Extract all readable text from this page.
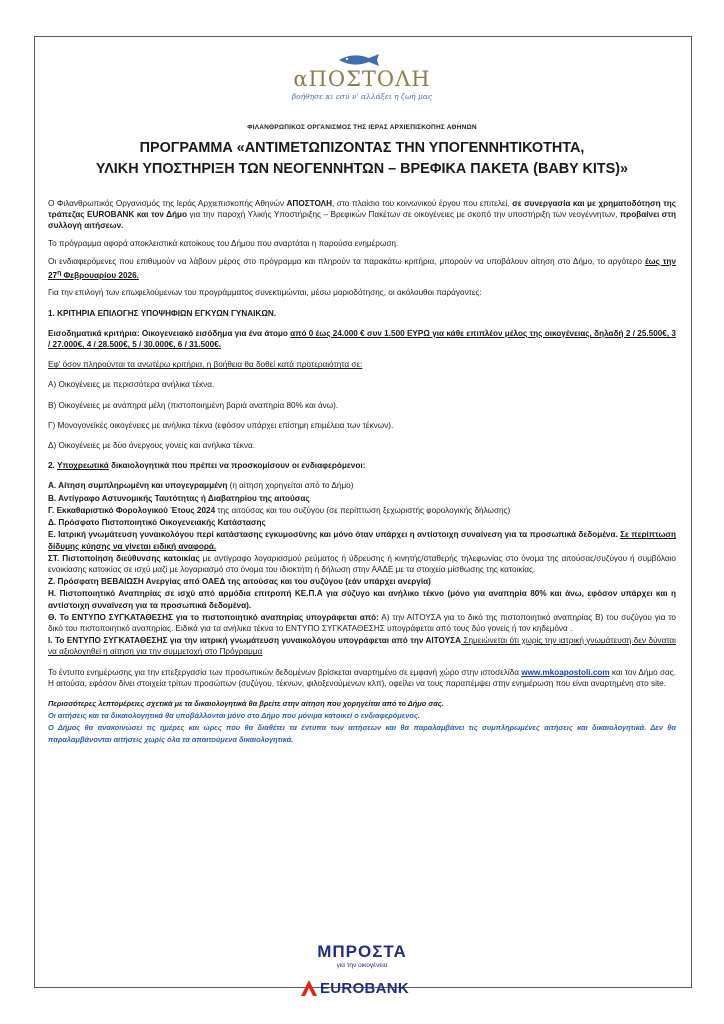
αΠΟΣΤΟΛΗ
βοήθησε κι εσύ ν' αλλάξει η ζωή μας
ΦΙΛΑΝΘΡΩΠΙΚΟΣ ΟΡΓΑΝΙΣΜΟΣ ΤΗΣ ΙΕΡΑΣ ΑΡΧΙΕΠΙΣΚΟΠΗΣ ΑΘΗΝΩΝ
ΠΡΟΓΡΑΜΜΑ «ΑΝΤΙΜΕΤΩΠΙΖΟΝΤΑΣ ΤΗΝ ΥΠΟΓΕΝΝΗΤΙΚΟΤΗΤΑ,
ΥΛΙΚΗ ΥΠΟΣΤΗΡΙΞΗ ΤΩΝ ΝΕΟΓΕΝΝΗΤΩΝ – ΒΡΕΦΙΚΑ ΠΑΚΕΤΑ (BABY KITS)»

Ο Φιλανθρωπικός Οργανισμός της Ιεράς Αρχιεπισκοπής Αθηνών ΑΠΟΣΤΟΛΗ, στο πλαίσιο του κοινωνικού έργου που επιτελεί, σε συνεργασία και με χρηματοδότηση της τράπεζας EUROBANK και τον Δήμο για την παροχή Υλικής Υποστήριξης – Βρεφικών Πακέτων σε οικογένειες με σκοπό την υποστήριξη των νεογέννητων, προβαίνει στη συλλογή αιτήσεων.

Το πρόγραμμα αφορά αποκλειστικά κατοίκους του Δήμου που αναρτάται η παρούσα ενημέρωση.

Οι ενδιαφερόμενες που επιθυμούν να λάβουν μέρος στο πρόγραμμα και πληρούν τα παρακάτω κριτήρια, μπορούν να υποβάλουν αίτηση στο Δήμο, το αργότερο έως την $27^\eta$ Φεβρουαρίου 2026.

Για την επιλογή των επωφελούμενων του προγράμματος συνεκτιμώνται, μέσω μοριοδότησης, οι ακόλουθοι παράγοντες:

1. ΚΡΙΤΗΡΙΑ ΕΠΙΛΟΓΗΣ ΥΠΟΨΗΦΙΩΝ ΕΓΚΥΩΝ ΓΥΝΑΙΚΩΝ.

Εισοδηματικά κριτήρια: Οικογενειακό εισόδημα για ένα άτομο από 0 έως 24.000 € συν 1.500 ΕΥΡΩ για κάθε επιπλέον μέλος της οικογένειας, δηλαδή 2 / 25.500€, 3 / 27.000€, 4 / 28.500€, 5 / 30.000€, 6 / 31.500€.

Εφ' όσον πληρούνται τα ανωτέρω κριτήρια, η βοήθεια θα δοθεί κατά προτεραιότητα σε:

Α) Οικογένειες με περισσότερα ανήλικα τέκνα.

Β) Οικογένειες με ανάπηρα μέλη (πιστοποιημένη βαριά αναπηρία 80% και άνω).

Γ) Μονογονεϊκές οικογένειες με ανήλικα τέκνα (εφόσον υπάρχει επίσημη επιμέλεια των τέκνων).

Δ) Οικογένειες με δύο άνεργους γονείς και ανήλικα τέκνα.

2. Υποχρεωτικά δικαιολογητικά που πρέπει να προσκομίσουν οι ενδιαφερόμενοι:

Α. Αίτηση συμπληρωμένη και υπογεγραμμένη (η αίτηση χορηγείται από το Δήμο)

Β. Αντίγραφο Αστυνομικής Ταυτότητας ή Διαβατηρίου της αιτούσας

Γ. Εκκαθαριστικό Φορολογικού Έτους 2024 της αιτούσας και του συζύγου (σε περίπτωση ξεχωριστής φορολογικής δήλωσης)

Δ. Πρόσφατο Πιστοποιητικό Οικογενειακής Κατάστασης

Ε. Ιατρική γνωμάτευση γυναικολόγου περί κατάστασης εγκυμοσύνης και μόνο όταν υπάρχει η αντίστοιχη συναίνεση για τα προσωπικά δεδομένα. Σε περίπτωση δίδυμης κύησης να γίνεται ειδική αναφορά.

ΣΤ. Πιστοποίηση διεύθυνσης κατοικίας με αντίγραφο λογαριασμού ρεύματος ή ύδρευσης ή κινητής/σταθερής τηλεφωνίας στο όνομα της αιτούσας/συζύγου ή συμβόλαιο ενοικίασης κατοικίας σε ισχύ μαζί με λογαριασμό στο όνομα του ιδιοκτήτη ή δήλωση στην ΑΑΔΕ με τα στοιχεία μίσθωσης της κατοικίας.

Ζ. Πρόσφατη ΒΕΒΑΙΩΣΗ Ανεργίας από ΟΑΕΔ της αιτούσας και του συζύγου (εάν υπάρχει ανεργία)

Η. Πιστοποιητικό Αναπηρίας σε ισχύ από αρμόδια επιτροπή ΚΕ.Π.Α για σύζυγο και ανήλικο τέκνο (μόνο για αναπηρία 80% και άνω, εφόσον υπάρχει και η αντίστοιχη συναίνεση για τα προσωπικά δεδομένα).

Θ. Το ΕΝΤΥΠΟ ΣΥΓΚΑΤΑΘΕΣΗΣ για το πιστοποιητικό αναπηρίας υπογράφεται από: Α) την ΑΙΤΟΥΣΑ για το δικό της πιστοποιητικό αναπηρίας Β) του συζύγου για το δικό του πιστοποιητικό αναπηρίας. Ειδικά για τα ανήλικα τέκνα το ΕΝΤΥΠΟ ΣΥΓΚΑΤΑΘΕΣΗΣ υπογράφεται από τους δύο γονείς ή τον κηδεμόνα .

Ι. Το ΕΝΤΥΠΟ ΣΥΓΚΑΤΑΘΕΣΗΣ για την ιατρική γνωμάτευση γυναικολόγου υπογράφεται από την ΑΙΤΟΥΣΑ Σημειώνεται ότι χωρίς την ιατρική γνωμάτευση δεν δύναται να αξιολογηθεί η αίτηση για την συμμετοχή στο Πρόγραμμα

Το έντυπο ενημέρωσης για την επεξεργασία των προσωπικών δεδομένων βρίσκεται αναρτημένο σε εμφανή χώρο στην ιστοσελίδα www.mkoapostoli.com και τον Δήμο σας. Η αιτούσα, εφόσον δίνει στοιχεία τρίτων προσώπων (συζύγου, τέκνων, φιλοξενούμενων κλπ), οφείλει να τους παραπέμψει στην ενημέρωση που είναι αναρτημένη στο site.

Περισσότερες λεπτομέρειες σχετικά με τα δικαιολογητικά θα βρείτε στην αίτηση που χορηγείται από το Δήμο σας.

Οι αιτήσεις και τα δικαιολογητικά θα υποβάλλονται μόνο στο Δήμο που μόνιμα κατοικεί ο ενδιαφερόμενος.

Ο Δήμος θα ανακοινώσει τις ημέρες και ώρες που θα διαθέτει τα έντυπα των αιτήσεων και θα παραλαμβάνει τις συμπληρωμένες αιτήσεις και δικαιολογητικά. Δεν θα παραλαμβάνονται αιτήσεις χωρίς όλα τα απαιτούμενα δικαιολογητικά.

ΜΠΡΟΣΤΑ
για την οικογένεια
EUROBANK
